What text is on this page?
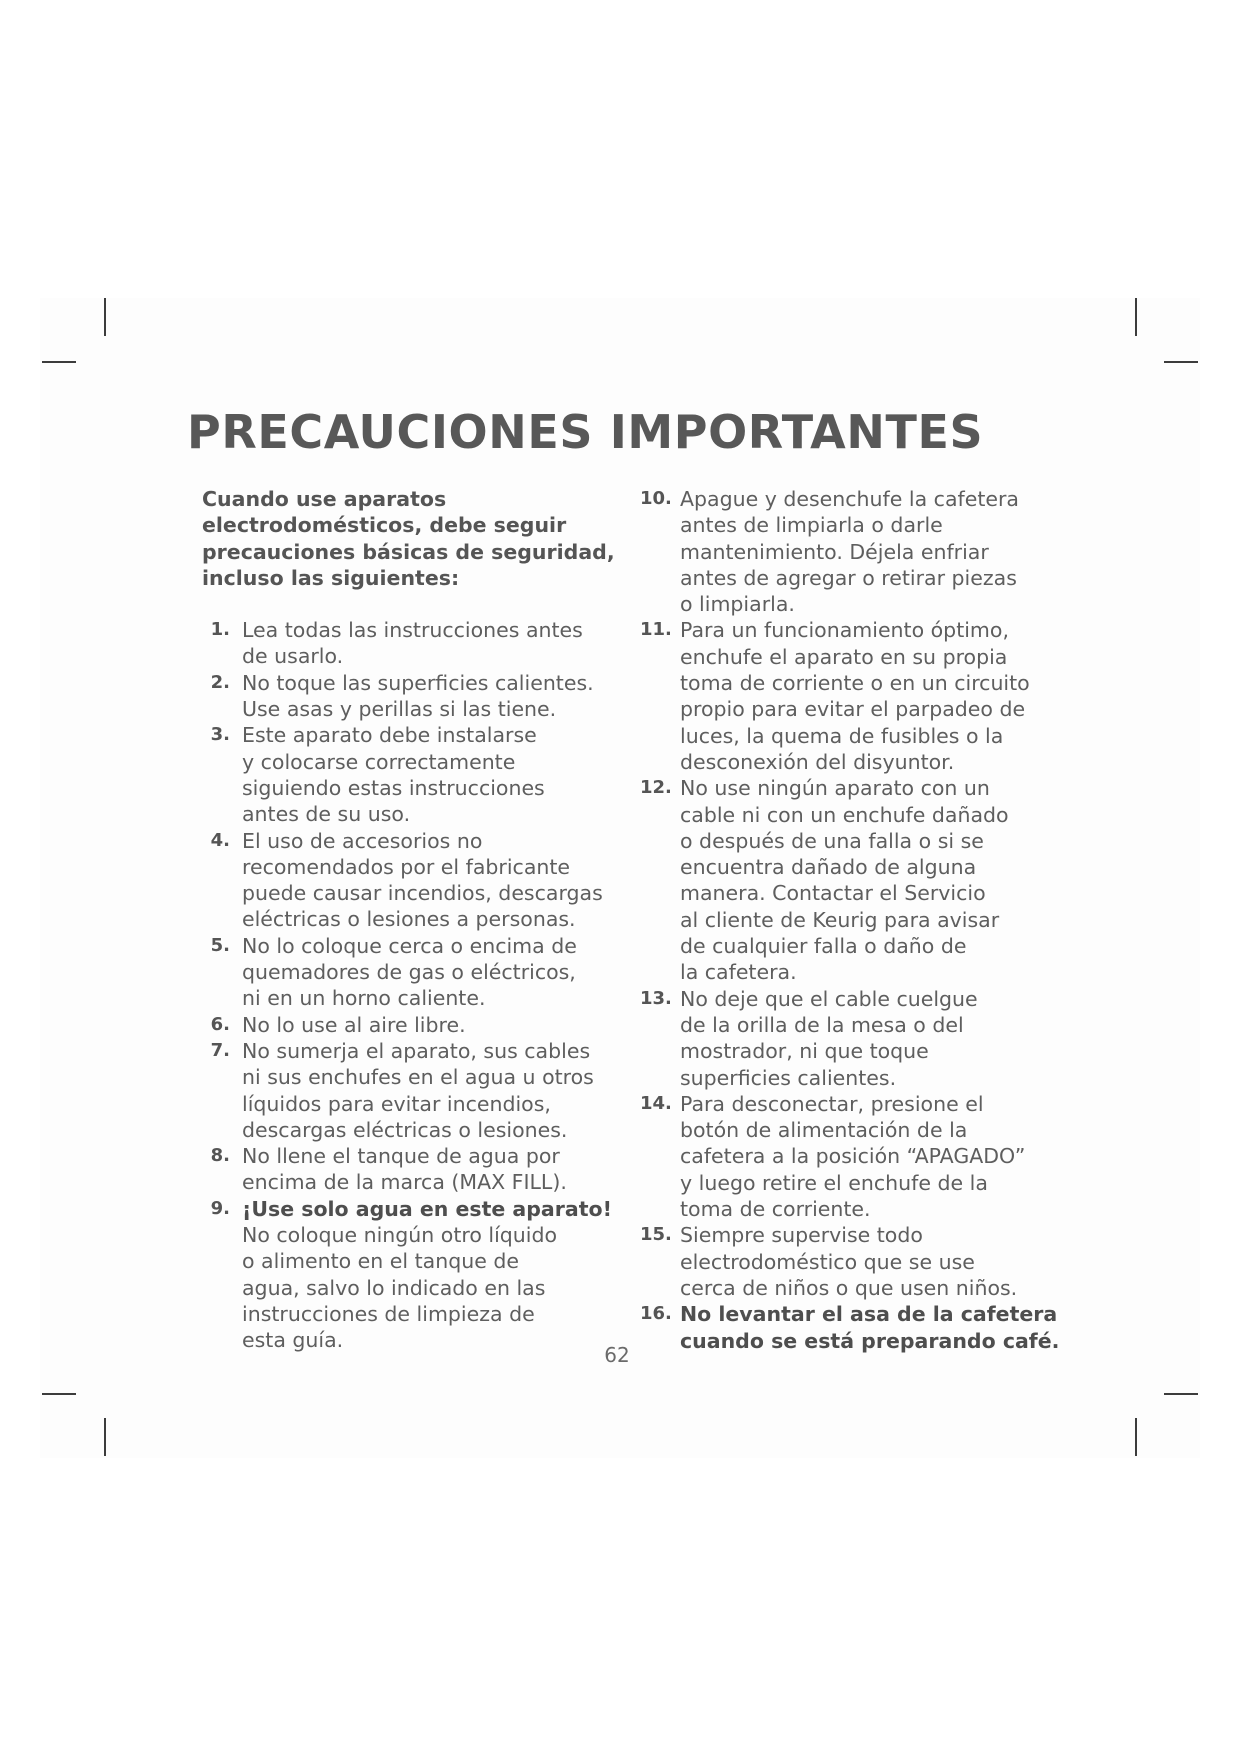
PRECAUCIONES IMPORTANTES

Cuando use aparatos
electrodomésticos, debe seguir
precauciones básicas de seguridad,
incluso las siguientes:

1. Lea todas las instrucciones antes
de usarlo.

2. No toque las superficies calientes.
Use asas y perillas si las tiene.

3. Este aparato debe instalarse
y colocarse correctamente
siguiendo estas instrucciones
antes de su uso.

4. El uso de accesorios no
recomendados por el fabricante
puede causar incendios, descargas
eléctricas o lesiones a personas.

5. No lo coloque cerca o encima de
quemadores de gas o eléctricos,
ni en un horno caliente.

6. No lo use al aire libre.

7. No sumerja el aparato, sus cables
ni sus enchufes en el agua u otros
líquidos para evitar incendios,
descargas eléctricas o lesiones.

8. No llene el tanque de agua por
encima de la marca (MAX FILL).

9. ¡Use solo agua en este aparato!
No coloque ningún otro líquido
o alimento en el tanque de
agua, salvo lo indicado en las
instrucciones de limpieza de
esta guía.

10. Apague y desenchufe la cafetera
antes de limpiarla o darle
mantenimiento. Déjela enfriar
antes de agregar o retirar piezas
o limpiarla.

11. Para un funcionamiento óptimo,
enchufe el aparato en su propia
toma de corriente o en un circuito
propio para evitar el parpadeo de
luces, la quema de fusibles o la
desconexión del disyuntor.

12. No use ningún aparato con un
cable ni con un enchufe dañado
o después de una falla o si se
encuentra dañado de alguna
manera. Contactar el Servicio
al cliente de Keurig para avisar
de cualquier falla o daño de
la cafetera.

13. No deje que el cable cuelgue
de la orilla de la mesa o del
mostrador, ni que toque
superficies calientes.

14. Para desconectar, presione el
botón de alimentación de la
cafetera a la posición “APAGADO”
y luego retire el enchufe de la
toma de corriente.

15. Siempre supervise todo
electrodoméstico que se use
cerca de niños o que usen niños.

16. No levantar el asa de la cafetera
cuando se está preparando café.

62
